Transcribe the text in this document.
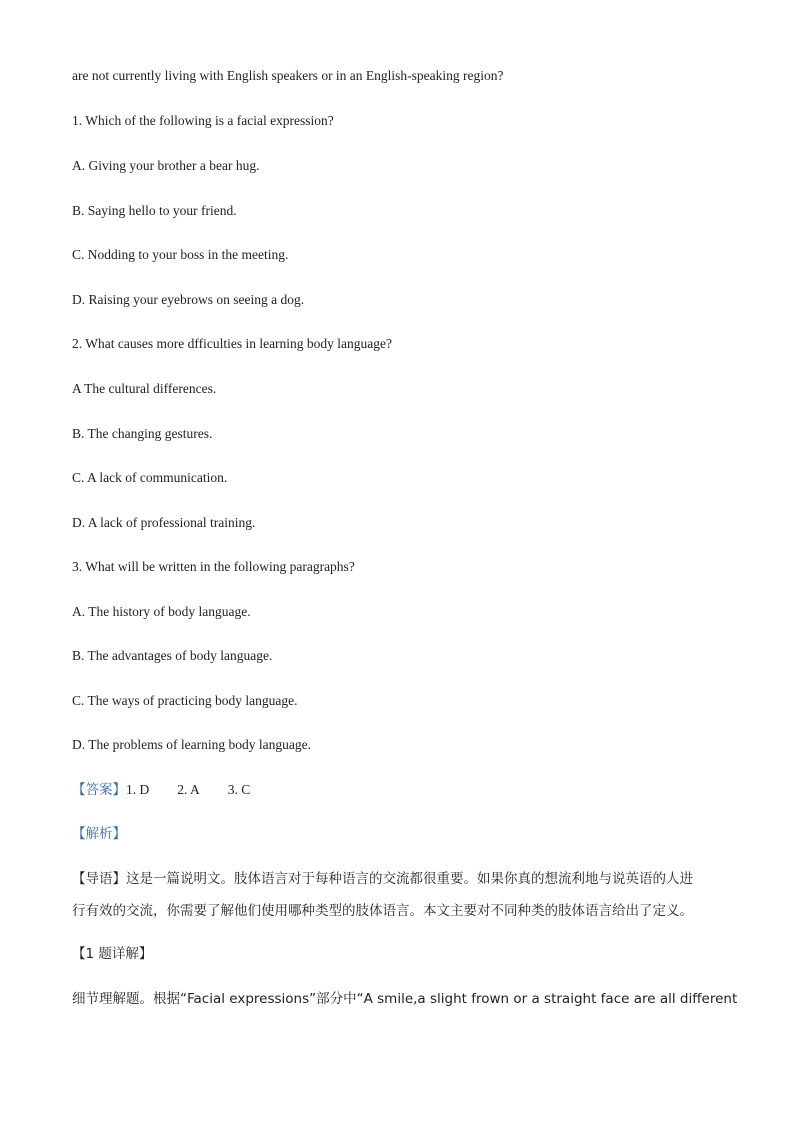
are not currently living with English speakers or in an English-speaking region?
1. Which of the following is a facial expression?
A. Giving your brother a bear hug.
B. Saying hello to your friend.
C. Nodding to your boss in the meeting.
D. Raising your eyebrows on seeing a dog.
2. What causes more dfficulties in learning body language?
A The cultural differences.
B. The changing gestures.
C. A lack of communication.
D. A lack of professional training.
3. What will be written in the following paragraphs?
A. The history of body language.
B. The advantages of body language.
C. The ways of practicing body language.
D. The problems of learning body language.
【答案】1. D 2. A 3. C
【解析】
【导语】这是一篇说明文。肢体语言对于每种语言的交流都很重要。如果你真的想流利地与说英语的人进
行有效的交流，你需要了解他们使用哪种类型的肢体语言。本文主要对不同种类的肢体语言给出了定义。
【1 题详解】
细节理解题。根据“Facial expressions”部分中“A smile,a slight frown or a straight face are all different
